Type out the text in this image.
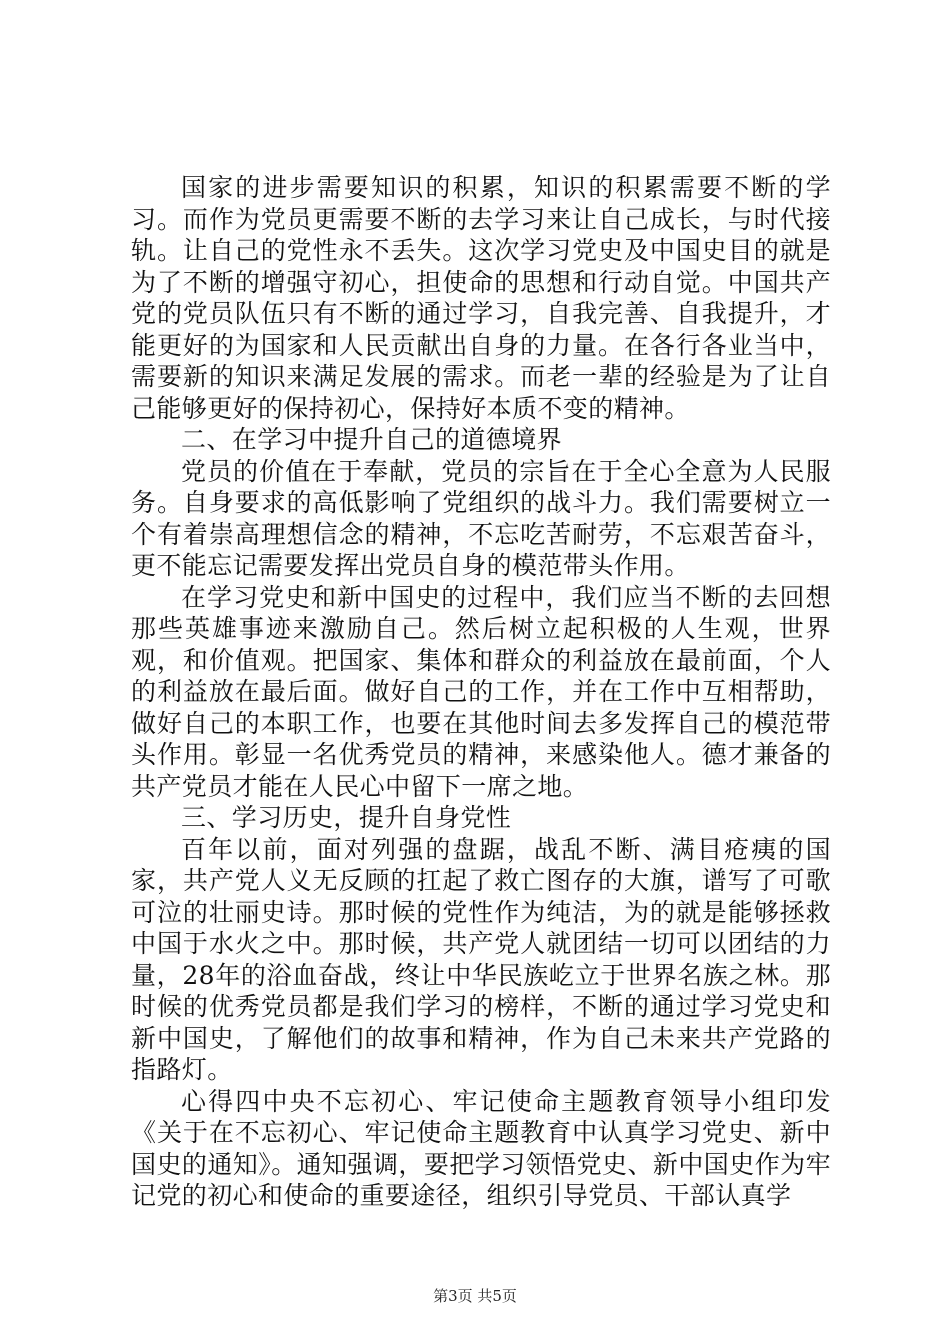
国家的进步需要知识的积累，知识的积累需要不断的学习。而作为党员更需要不断的去学习来让自己成长，与时代接轨。让自己的党性永不丢失。这次学习党史及中国史目的就是为了不断的增强守初心，担使命的思想和行动自觉。中国共产党的党员队伍只有不断的通过学习，自我完善、自我提升，才能更好的为国家和人民贡献出自身的力量。在各行各业当中，需要新的知识来满足发展的需求。而老一辈的经验是为了让自己能够更好的保持初心，保持好本质不变的精神。

二、在学习中提升自己的道德境界

党员的价值在于奉献，党员的宗旨在于全心全意为人民服务。自身要求的高低影响了党组织的战斗力。我们需要树立一个有着崇高理想信念的精神，不忘吃苦耐劳，不忘艰苦奋斗，更不能忘记需要发挥出党员自身的模范带头作用。

在学习党史和新中国史的过程中，我们应当不断的去回想那些英雄事迹来激励自己。然后树立起积极的人生观，世界观，和价值观。把国家、集体和群众的利益放在最前面，个人的利益放在最后面。做好自己的工作，并在工作中互相帮助，做好自己的本职工作，也要在其他时间去多发挥自己的模范带头作用。彰显一名优秀党员的精神，来感染他人。德才兼备的共产党员才能在人民心中留下一席之地。

三、学习历史，提升自身党性

百年以前，面对列强的盘踞，战乱不断、满目疮痍的国家，共产党人义无反顾的扛起了救亡图存的大旗，谱写了可歌可泣的壮丽史诗。那时候的党性作为纯洁，为的就是能够拯救中国于水火之中。那时候，共产党人就团结一切可以团结的力量，28年的浴血奋战，终让中华民族屹立于世界名族之林。那时候的优秀党员都是我们学习的榜样，不断的通过学习党史和新中国史，了解他们的故事和精神，作为自己未来共产党路的指路灯。

心得四中央不忘初心、牢记使命主题教育领导小组印发《关于在不忘初心、牢记使命主题教育中认真学习党史、新中国史的通知》。通知强调，要把学习领悟党史、新中国史作为牢记党的初心和使命的重要途径，组织引导党员、干部认真学

第3页 共5页
